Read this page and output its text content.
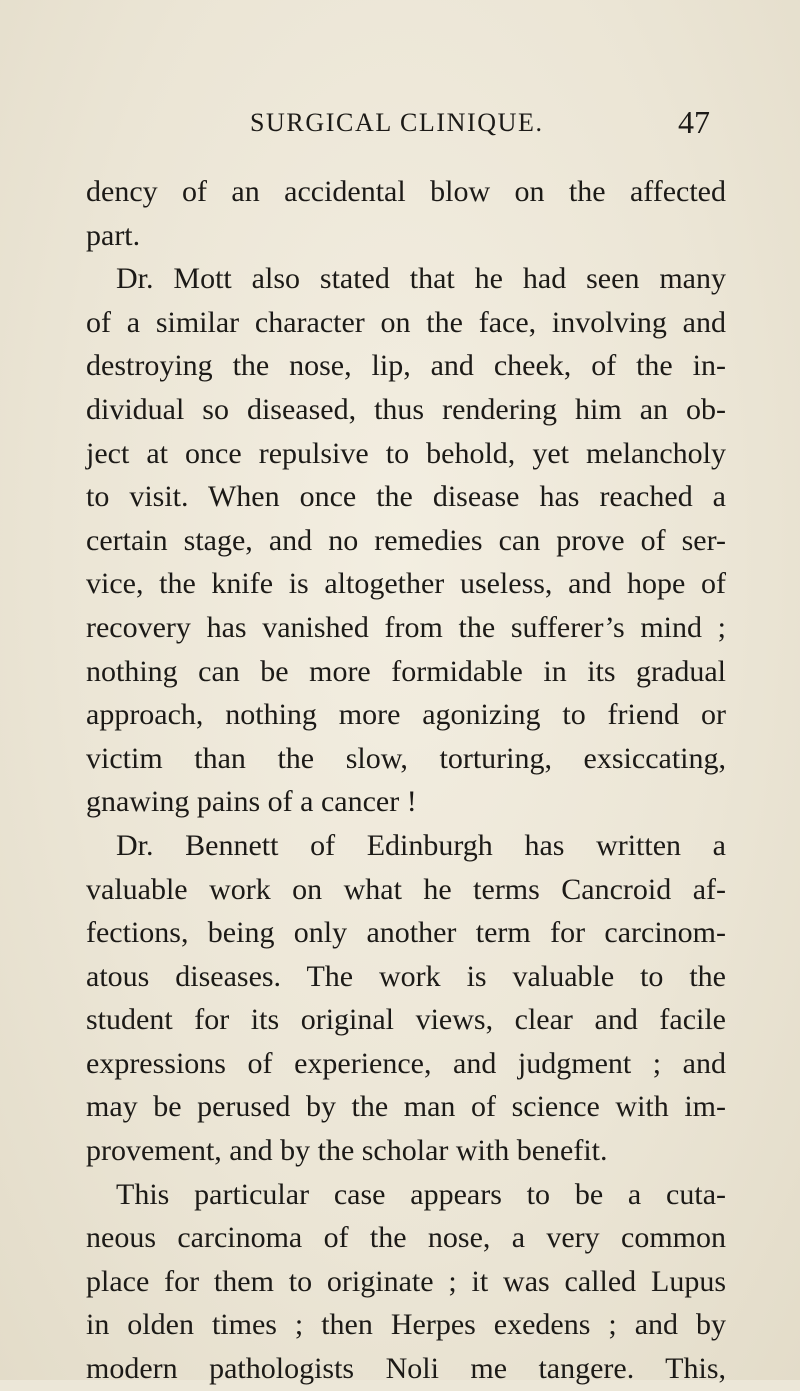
SURGICAL CLINIQUE.	47
dency of an accidental blow on the affected
part.
Dr. Mott also stated that he had seen many
of a similar character on the face, involving and
destroying the nose, lip, and cheek, of the in-
dividual so diseased, thus rendering him an ob-
ject at once repulsive to behold, yet melancholy
to visit. When once the disease has reached a
certain stage, and no remedies can prove of ser-
vice, the knife is altogether useless, and hope of
recovery has vanished from the sufferer’s mind ;
nothing can be more formidable in its gradual
approach, nothing more agonizing to friend or
victim than the slow, torturing, exsiccating,
gnawing pains of a cancer !
Dr. Bennett of Edinburgh has written a
valuable work on what he terms Cancroid af-
fections, being only another term for carcinom-
atous diseases. The work is valuable to the
student for its original views, clear and facile
expressions of experience, and judgment ; and
may be perused by the man of science with im-
provement, and by the scholar with benefit.
This particular case appears to be a cuta-
neous carcinoma of the nose, a very common
place for them to originate ; it was called Lupus
in olden times ; then Herpes exedens ; and by
modern pathologists Noli me tangere. This,
